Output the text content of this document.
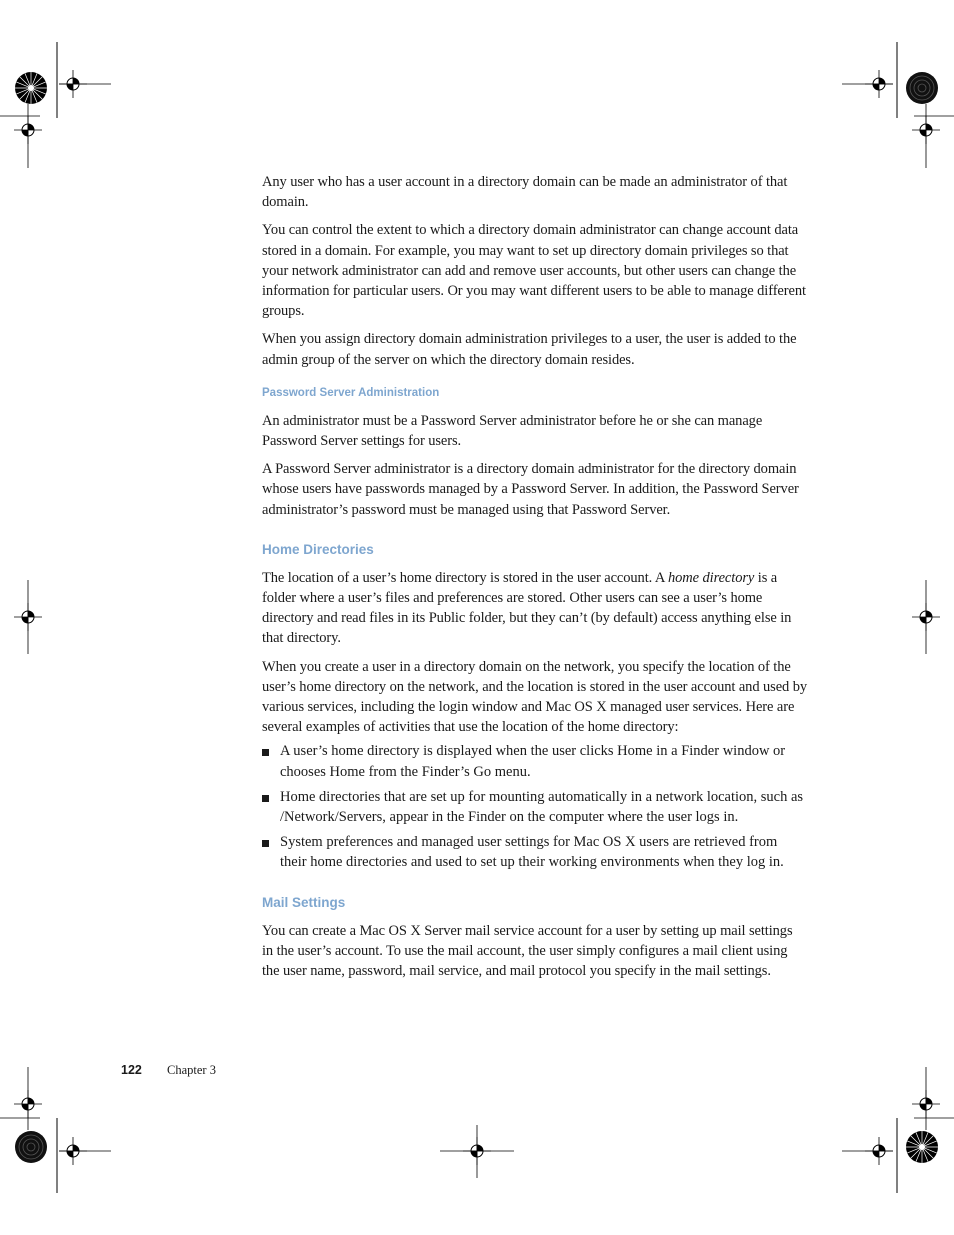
Any user who has a user account in a directory domain can be made an administrator of that domain.

You can control the extent to which a directory domain administrator can change account data stored in a domain. For example, you may want to set up directory domain privileges so that your network administrator can add and remove user accounts, but other users can change the information for particular users. Or you may want different users to be able to manage different groups.

When you assign directory domain administration privileges to a user, the user is added to the admin group of the server on which the directory domain resides.

Password Server Administration

An administrator must be a Password Server administrator before he or she can manage Password Server settings for users.

A Password Server administrator is a directory domain administrator for the directory domain whose users have passwords managed by a Password Server. In addition, the Password Server administrator’s password must be managed using that Password Server.

Home Directories

The location of a user’s home directory is stored in the user account. A home directory is a folder where a user’s files and preferences are stored. Other users can see a user’s home directory and read files in its Public folder, but they can’t (by default) access anything else in that directory.

When you create a user in a directory domain on the network, you specify the location of the user’s home directory on the network, and the location is stored in the user account and used by various services, including the login window and Mac OS X managed user services. Here are several examples of activities that use the location of the home directory:

A user’s home directory is displayed when the user clicks Home in a Finder window or chooses Home from the Finder’s Go menu.
Home directories that are set up for mounting automatically in a network location, such as /Network/Servers, appear in the Finder on the computer where the user logs in.
System preferences and managed user settings for Mac OS X users are retrieved from their home directories and used to set up their working environments when they log in.
Mail Settings

You can create a Mac OS X Server mail service account for a user by setting up mail settings in the user’s account. To use the mail account, the user simply configures a mail client using the user name, password, mail service, and mail protocol you specify in the mail settings.

122	Chapter 3
